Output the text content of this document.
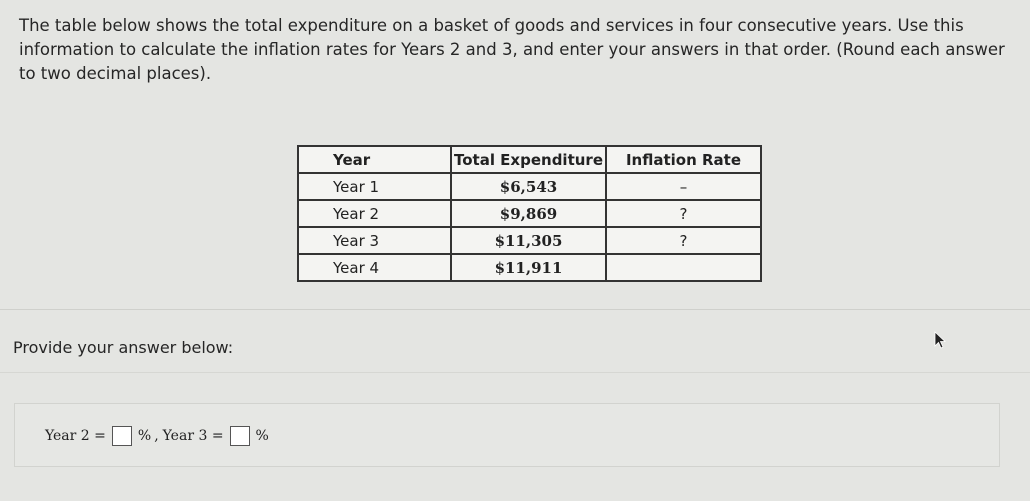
The table below shows the total expenditure on a basket of goods and services in four consecutive years. Use this information to calculate the inflation rates for Years 2 and 3, and enter your answers in that order. (Round each answer to two decimal places).
Year	Total Expenditure	Inflation Rate
Year 1	$6,543	–
Year 2	$9,869	?
Year 3	$11,305	?
Year 4	$11,911	
Provide your answer below:
Year 2 = % , Year 3 = %
